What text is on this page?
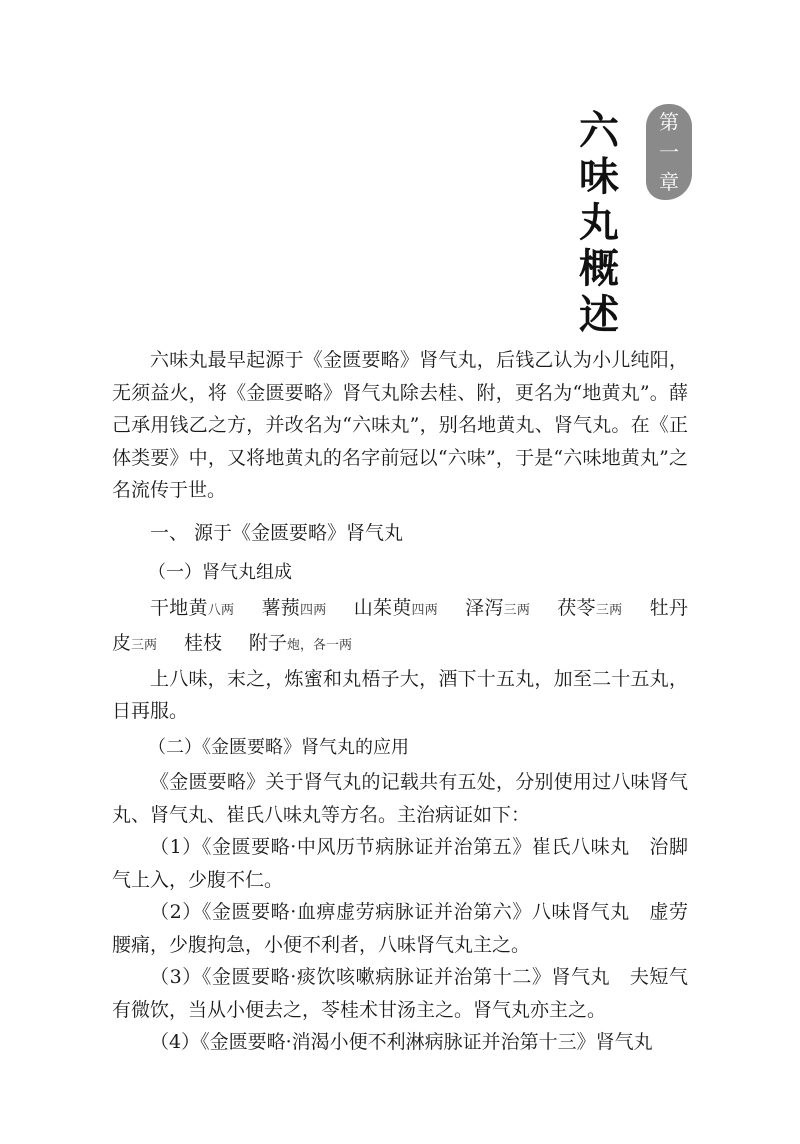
第
一
章
六
味
丸
概
述

六味丸最早起源于《金匮要略》肾气丸，后钱乙认为小儿纯阳，无须益火，将《金匮要略》肾气丸除去桂、附，更名为“地黄丸”。薛己承用钱乙之方，并改名为“六味丸”，别名地黄丸、肾气丸。在《正体类要》中，又将地黄丸的名字前冠以“六味”，于是“六味地黄丸”之名流传于世。

一、 源于《金匮要略》肾气丸

（一）肾气丸组成

干地黄八两 薯蓣四两 山茱萸四两 泽泻三两 茯苓三两 牡丹皮三两 桂枝 附子炮，各一两

上八味，末之，炼蜜和丸梧子大，酒下十五丸，加至二十五丸，日再服。

（二）《金匮要略》肾气丸的应用

《金匮要略》关于肾气丸的记载共有五处，分别使用过八味肾气丸、肾气丸、崔氏八味丸等方名。主治病证如下：

（1）《金匮要略·中风历节病脉证并治第五》崔氏八味丸　治脚气上入，少腹不仁。

（2）《金匮要略·血痹虚劳病脉证并治第六》八味肾气丸　虚劳腰痛，少腹拘急，小便不利者，八味肾气丸主之。

（3）《金匮要略·痰饮咳嗽病脉证并治第十二》肾气丸　夫短气有微饮，当从小便去之，苓桂术甘汤主之。肾气丸亦主之。

（4）《金匮要略·消渴小便不利淋病脉证并治第十三》肾气丸
